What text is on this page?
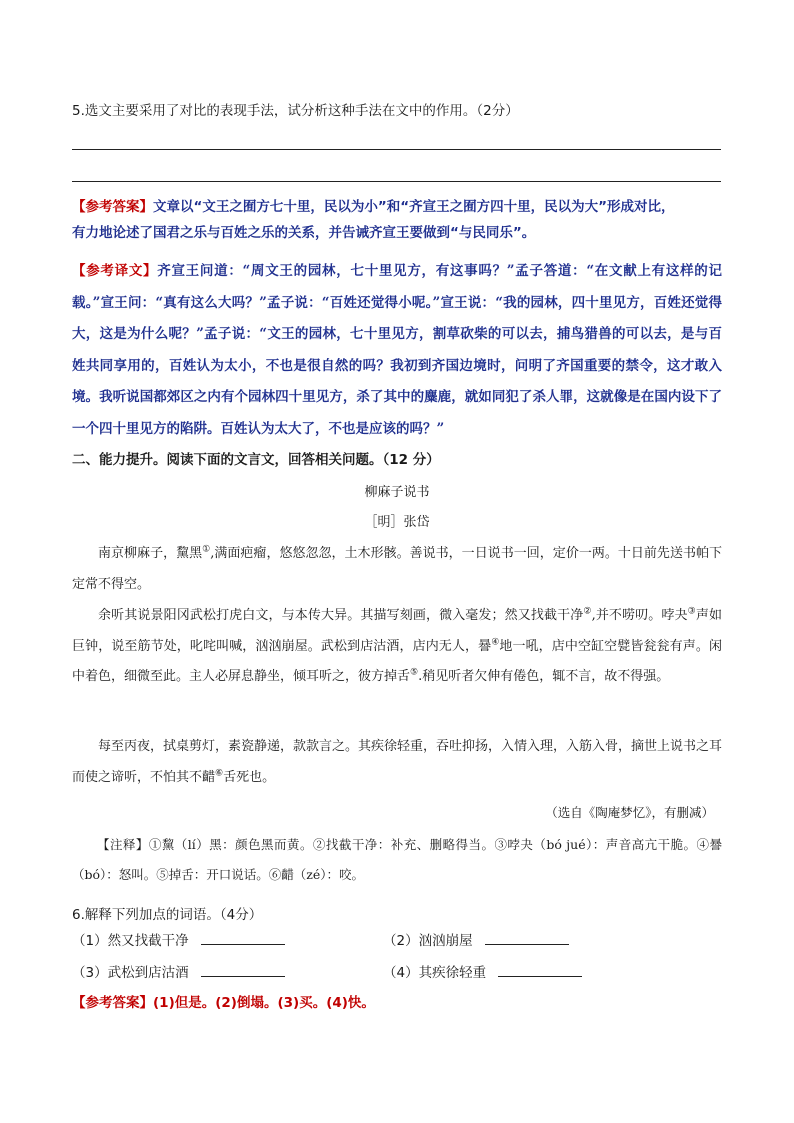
5.选文主要采用了对比的表现手法，试分析这种手法在文中的作用。（2分）
【参考答案】文章以“文王之囿方七十里，民以为小”和“齐宣王之囿方四十里，民以为大”形成对比，
有力地论述了国君之乐与百姓之乐的关系，并告诫齐宣王要做到“与民同乐”。
【参考译文】齐宣王问道：“周文王的园林，七十里见方，有这事吗？”孟子答道：“在文献上有这样的记载。”宣王问：“真有这么大吗？”孟子说：“百姓还觉得小呢。”宣王说：“我的园林，四十里见方，百姓还觉得大，这是为什么呢？”孟子说：“文王的园林，七十里见方，割草砍柴的可以去，捕鸟猎兽的可以去，是与百姓共同享用的，百姓认为太小，不也是很自然的吗？我初到齐国边境时，问明了齐国重要的禁令，这才敢入境。我听说国都郊区之内有个园林四十里见方，杀了其中的麋鹿，就如同犯了杀人罪，这就像是在国内设下了一个四十里见方的陷阱。百姓认为太大了，不也是应该的吗？”
二、能力提升。阅读下面的文言文，回答相关问题。（12 分）
柳麻子说书
［明］张岱
南京柳麻子，黧黑①,满面疤瘤，悠悠忽忽，土木形骸。善说书，一日说书一回，定价一两。十日前先送书帕下定常不得空。
余听其说景阳冈武松打虎白文，与本传大异。其描写刻画，微入毫发；然又找截干净②,并不唠叨。哱夬③声如巨钟，说至筋节处，叱咤叫喊，汹汹崩屋。武松到店沽酒，店内无人，謈④地一吼，店中空缸空甓皆瓮瓮有声。闲中着色，细微至此。主人必屏息静坐，倾耳听之，彼方掉舌⑤.稍见听者欠伸有倦色，辄不言，故不得强。
每至丙夜，拭桌剪灯，素瓷静递，款款言之。其疾徐轻重，吞吐抑扬，入情入理，入筋入骨，摘世上说书之耳而使之谛听，不怕其不齰⑥舌死也。
（选自《陶庵梦忆》，有删减）
【注释】①黧（lí）黑：颜色黑而黄。②找截干净：补充、删略得当。③哱夬（bó jué）：声音高亢干脆。④謈（bó）：怒叫。⑤掉舌：开口说话。⑥齰（zé）：咬。
6.解释下列加点的词语。（4分）
（1）然又找截干净	（2）汹汹崩屋
（3）武松到店沽酒	（4）其疾徐轻重
【参考答案】(1)但是。(2)倒塌。(3)买。(4)快。
